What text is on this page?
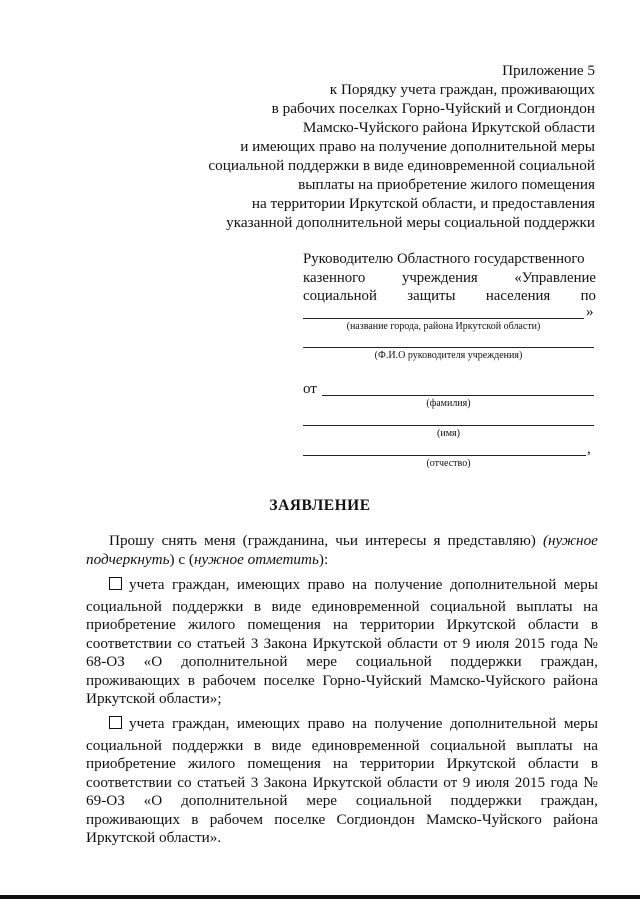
Приложение 5
к Порядку учета граждан, проживающих
в рабочих поселках Горно-Чуйский и Согдиондон
Мамско-Чуйского района Иркутской области
и имеющих право на получение дополнительной меры
социальной поддержки в виде единовременной социальной
выплаты на приобретение жилого помещения
на территории Иркутской области, и предоставления
указанной дополнительной меры социальной поддержки
Руководителю Областного государственного
казенного учреждения «Управление
социальной защиты населения по
»
(название города, района Иркутской области)
(Ф.И.О руководителя учреждения)
от
(фамилия)
(имя)
,
(отчество)
ЗАЯВЛЕНИЕ
Прошу снять меня (гражданина, чьи интересы я представляю) (нужное
подчеркнуть) с (нужное отметить):
учета граждан, имеющих право на получение дополнительной меры
социальной поддержки в виде единовременной социальной выплаты на
приобретение жилого помещения на территории Иркутской области в
соответствии со статьей 3 Закона Иркутской области от 9 июля 2015 года №
68-ОЗ «О дополнительной мере социальной поддержки граждан,
проживающих в рабочем поселке Горно-Чуйский Мамско-Чуйского района
Иркутской области»;
учета граждан, имеющих право на получение дополнительной меры
социальной поддержки в виде единовременной социальной выплаты на
приобретение жилого помещения на территории Иркутской области в
соответствии со статьей 3 Закона Иркутской области от 9 июля 2015 года №
69-ОЗ «О дополнительной мере социальной поддержки граждан,
проживающих в рабочем поселке Согдиондон Мамско-Чуйского района
Иркутской области».
